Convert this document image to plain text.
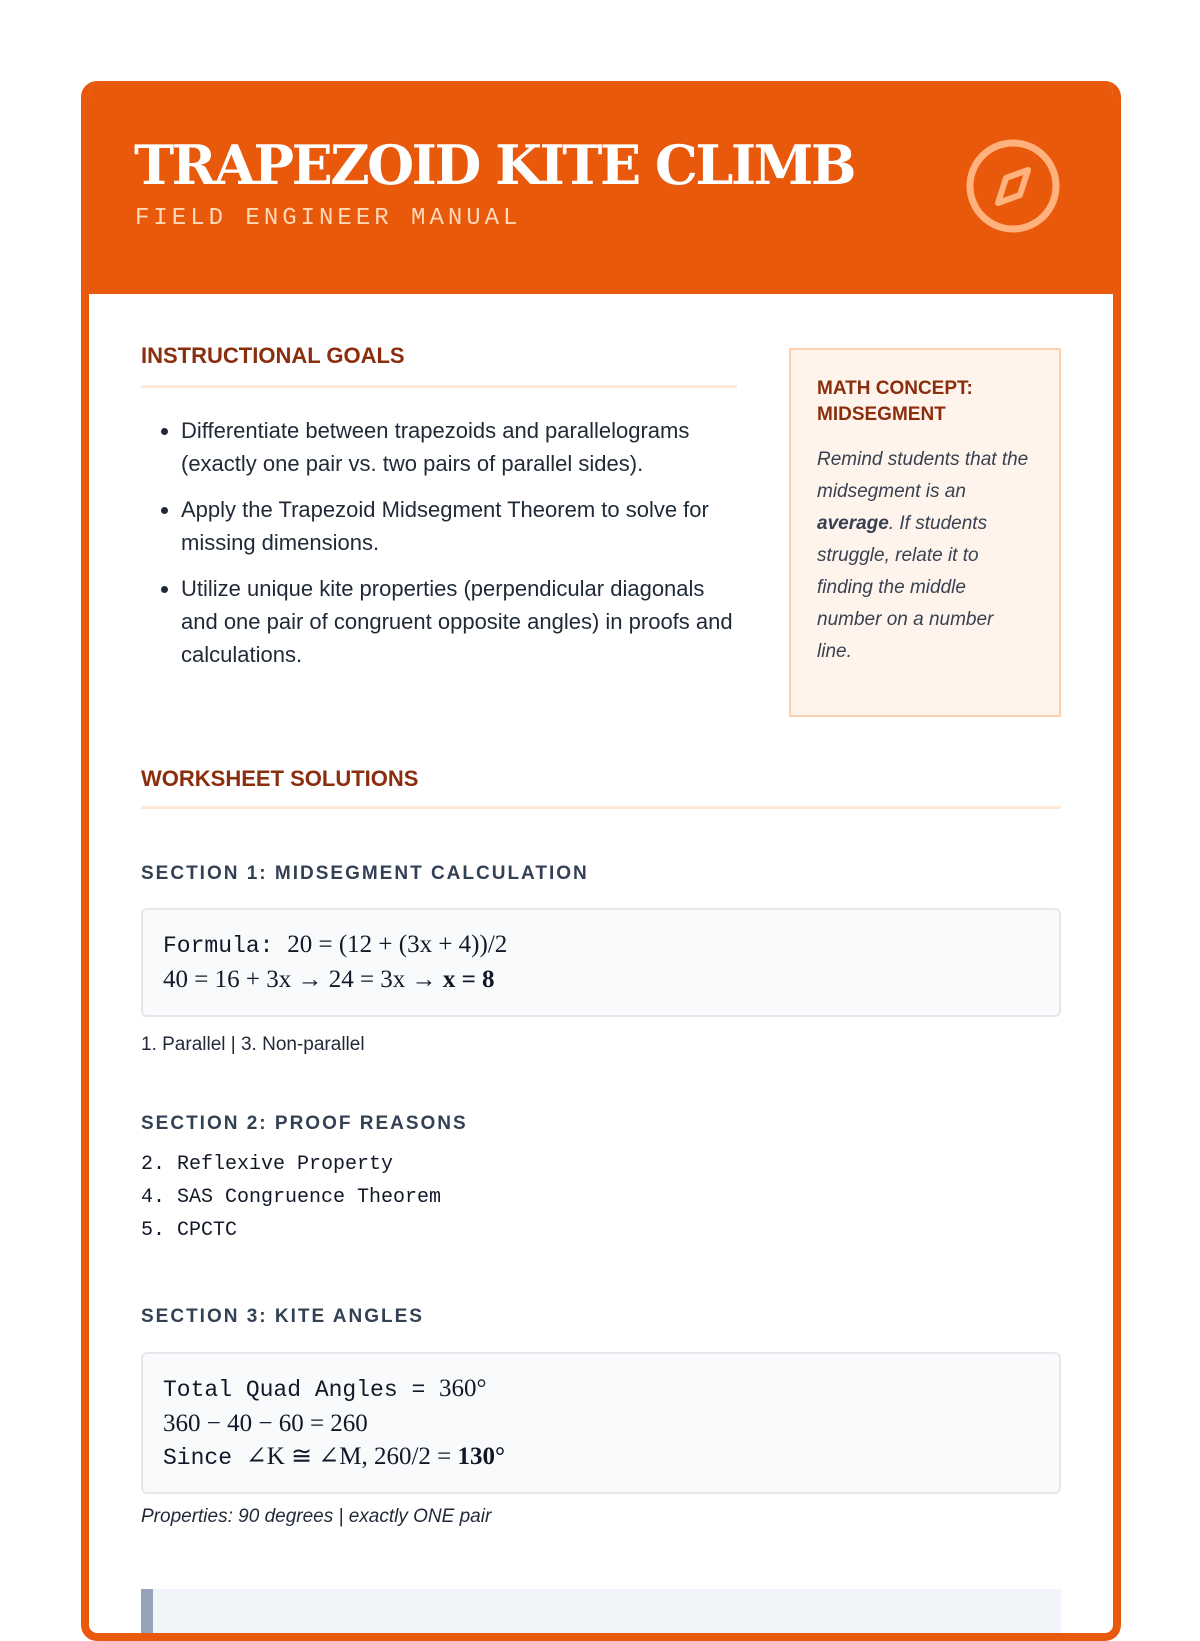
TRAPEZOID KITE CLIMB

FIELD ENGINEER MANUAL

INSTRUCTIONAL GOALS
• Differentiate between trapezoids and parallelograms (exactly one pair vs. two pairs of parallel sides).
• Apply the Trapezoid Midsegment Theorem to solve for missing dimensions.
• Utilize unique kite properties (perpendicular diagonals and one pair of congruent opposite angles) in proofs and calculations.

MATH CONCEPT: MIDSEGMENT

Remind students that the midsegment is an average. If students struggle, relate it to finding the middle number on a number line.

WORKSHEET SOLUTIONS
SECTION 1: MIDSEGMENT CALCULATION
Formula: 20 = (12 + (3x + 4))/2
40 = 16 + 3x → 24 = 3x → x = 8

1. Parallel | 3. Non-parallel

SECTION 2: PROOF REASONS
2. Reflexive Property
4. SAS Congruence Theorem
5. CPCTC
SECTION 3: KITE ANGLES
Total Quad Angles = 360°
360 − 40 − 60 = 260
Since ∠K ≅ ∠M, 260/2 = 130°

Properties: 90 degrees | exactly ONE pair
